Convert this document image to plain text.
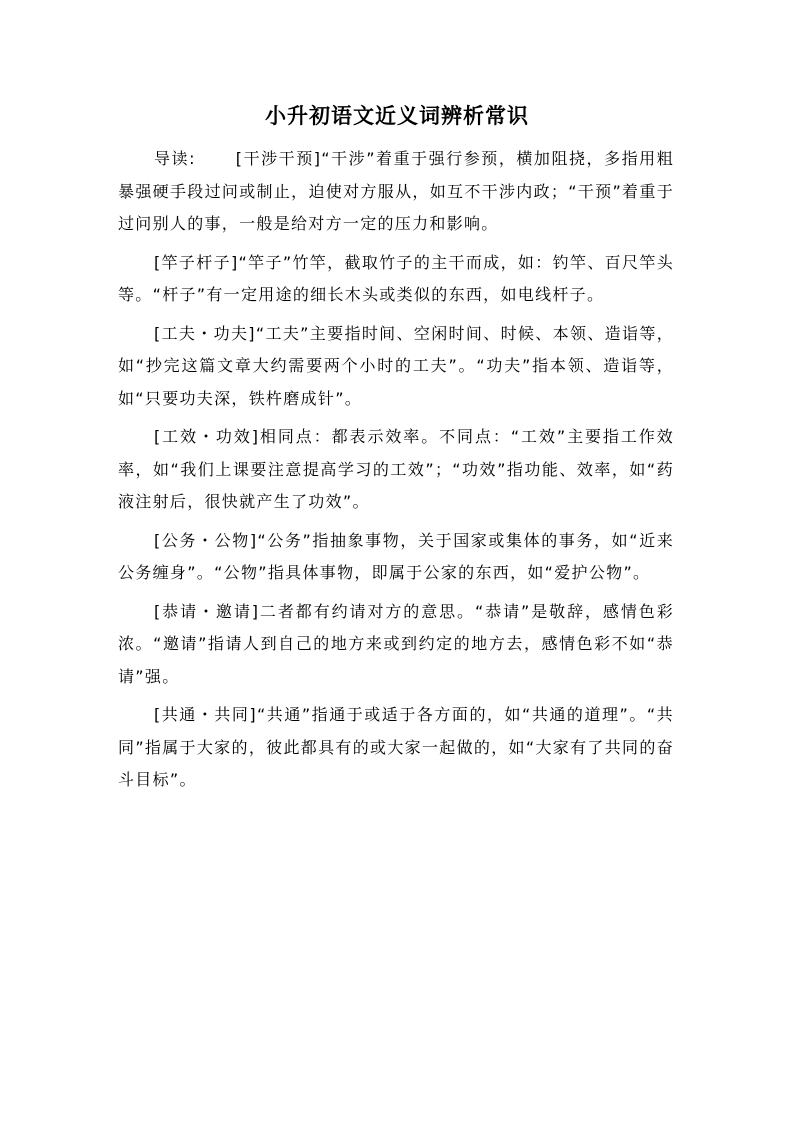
小升初语文近义词辨析常识

导读:	[干涉干预]“干涉”着重于强行参预，横加阻挠，多指用粗暴强硬手段过问或制止，迫使对方服从，如互不干涉内政；“干预”着重于过问别人的事，一般是给对方一定的压力和影响。

[竿子杆子]“竿子”竹竿，截取竹子的主干而成，如：钓竿、百尺竿头等。“杆子”有一定用途的细长木头或类似的东西，如电线杆子。

[工夫・功夫]“工夫”主要指时间、空闲时间、时候、本领、造诣等，如“抄完这篇文章大约需要两个小时的工夫”。“功夫”指本领、造诣等，如“只要功夫深，铁杵磨成针”。

[工效・功效]相同点：都表示效率。不同点：“工效”主要指工作效率，如“我们上课要注意提高学习的工效”；“功效”指功能、效率，如“药液注射后，很快就产生了功效”。

[公务・公物]“公务”指抽象事物，关于国家或集体的事务，如“近来公务缠身”。“公物”指具体事物，即属于公家的东西，如“爱护公物”。

[恭请・邀请]二者都有约请对方的意思。“恭请”是敬辞，感情色彩浓。“邀请”指请人到自己的地方来或到约定的地方去，感情色彩不如“恭请”强。

[共通・共同]“共通”指通于或适于各方面的，如“共通的道理”。“共同”指属于大家的，彼此都具有的或大家一起做的，如“大家有了共同的奋斗目标”。
